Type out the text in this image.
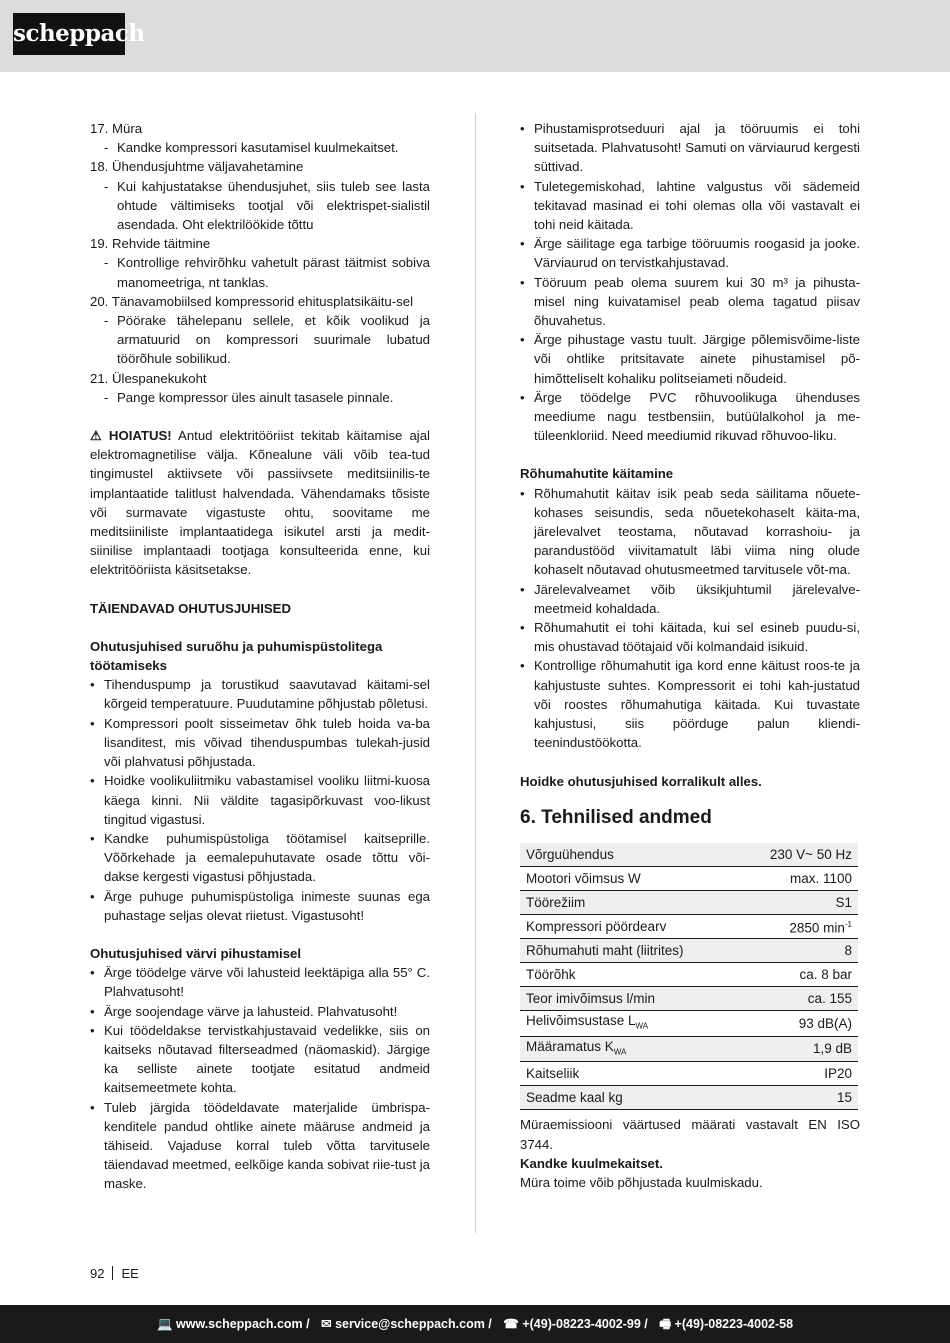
scheppach
17. Müra
- Kandke kompressori kasutamisel kuulmekaitset.
18. Ühendusjuhtme väljavahetamine
- Kui kahjustatakse ühendusjuhet, siis tuleb see lasta ohtude vältimiseks tootjal või elektrispet-sialistil asendada. Oht elektrilöökide tõttu
19. Rehvide täitmine
- Kontrollige rehvirõhku vahetult pärast täitmist sobiva manomeetriga, nt tanklas.
20. Tänavamobiilsed kompressorid ehitusplatsikäitu-sel
- Pöörake tähelepanu sellele, et kõik voolikud ja armatuurid on kompressori suurimale lubatud töörõhule sobilikud.
21. Ülespanekukoht
- Pange kompressor üles ainult tasasele pinnale.
⚠ HOIATUS! Antud elektritööriist tekitab käitamise ajal elektromagnetilise välja. Kõnealune väli võib tea-tud tingimustel aktiivsete või passiivsete meditsiinilis-te implantaatide talitlust halvendada. Vähendamaks tõsiste või surmavate vigastuste ohtu, soovitame me meditsiiniliste implantaatidega isikutel arsti ja medit-siinilise implantaadi tootjaga konsulteerida enne, kui elektritööriista käsitsetakse.
TÄIENDAVAD OHUTUSJUHISED
Ohutusjuhised suruõhu ja puhumispüstolitega töötamiseks
• Tihenduspump ja torustikud saavutavad käitami-sel kõrgeid temperatuure. Puudutamine põhjustab põletusi.
• Kompressori poolt sisseimetav õhk tuleb hoida va-ba lisanditest, mis võivad tihenduspumbas tulekah-jusid või plahvatusi põhjustada.
• Hoidke voolikuliitmiku vabastamisel vooliku liitmi-kuosa käega kinni. Nii väldite tagasipõrkuvast voo-likust tingitud vigastusi.
• Kandke puhumispüstoliga töötamisel kaitseprille. Võõrkehade ja eemalepuhutavate osade tõttu või-dakse kergesti vigastusi põhjustada.
• Ärge puhuge puhumispüstoliga inimeste suunas ega puhastage seljas olevat riietust. Vigastusoht!
Ohutusjuhised värvi pihustamisel
• Ärge töödelge värve või lahusteid leektäpiga alla 55° C. Plahvatusoht!
• Ärge soojendage värve ja lahusteid. Plahvatusoht!
• Kui töödeldakse tervistkahjustavaid vedelikke, siis on kaitseks nõutavad filterseadmed (näomaskid). Järgige ka selliste ainete tootjate esitatud andmeid kaitsemeetmete kohta.
• Tuleb järgida töödeldavate materjalide ümbrispa-kenditele pandud ohtlike ainete määruse andmeid ja tähiseid. Vajaduse korral tuleb võtta tarvitusele täiendavad meetmed, eelkõige kanda sobivat riie-tust ja maske.
• Pihustamisprotseduuri ajal ja tööruumis ei tohi suitsetada. Plahvatusoht! Samuti on värviaurud kergesti süttivad.
• Tuletegemiskohad, lahtine valgustus või sädemeid tekitavad masinad ei tohi olemas olla või vastavalt ei tohi neid käitada.
• Ärge säilitage ega tarbige tööruumis roogasid ja jooke. Värviaurud on tervistkahjustavad.
• Tööruum peab olema suurem kui 30 m³ ja pihusta-misel ning kuivatamisel peab olema tagatud piisav õhuvahetus.
• Ärge pihustage vastu tuult. Järgige põlemisvõime-liste või ohtlike pritsitavate ainete pihustamisel põ-himõtteliselt kohaliku politseiameti nõudeid.
• Ärge töödelge PVC rõhuvoolikuga ühenduses meediume nagu testbensiin, butüülalkohol ja me-tüleenkloriid. Need meediumid rikuvad rõhuvoo-liku.
Rõhumahutite käitamine
• Rõhumahutit käitav isik peab seda säilitama nõuete-kohases seisundis, seda nõuetekohaselt käita-ma, järelevalvet teostama, nõutavad korrashoiu- ja parandustööd viivitamatult läbi viima ning olude kohaselt nõutavad ohutusmeetmed tarvitusele võt-ma.
• Järelevalveamet võib üksikjuhtumil järelevalve-meetmeid kohaldada.
• Rõhumahutit ei tohi käitada, kui sel esineb puudu-si, mis ohustavad töötajaid või kolmandaid isikuid.
• Kontrollige rõhumahutit iga kord enne käitust roos-te ja kahjustuste suhtes. Kompressorit ei tohi kah-justatud või roostes rõhumahutiga käitada. Kui tuvastate kahjustusi, siis pöörduge palun kliendi-teenindustöökotta.
Hoidke ohutusjuhised korralikult alles.
6. Tehnilised andmed
Võrguühendus	230 V~ 50 Hz
Mootori võimsus W	max. 1100
Töörežiim	S1
Kompressori pöördearv	2850 $\min^{-1}$
Rõhumahuti maht (liitrites)	8
Töörõhk	ca. 8 bar
Teor imivõimsus l/min	ca. 155
Helivõimsustase $L_{WA}$	93 dB(A)
Määramatus $K_{WA}$	1,9 dB
Kaitseliik	IP20
Seadme kaal kg	15
Müraemissiooni väärtused määrati vastavalt EN ISO 3744.
Kandke kuulmekaitset.
Müra toime võib põhjustada kuulmiskadu.
92 EE
💻 www.scheppach.com / ✉ service@scheppach.com / ☎ +(49)-08223-4002-99 / 🖷 +(49)-08223-4002-58
